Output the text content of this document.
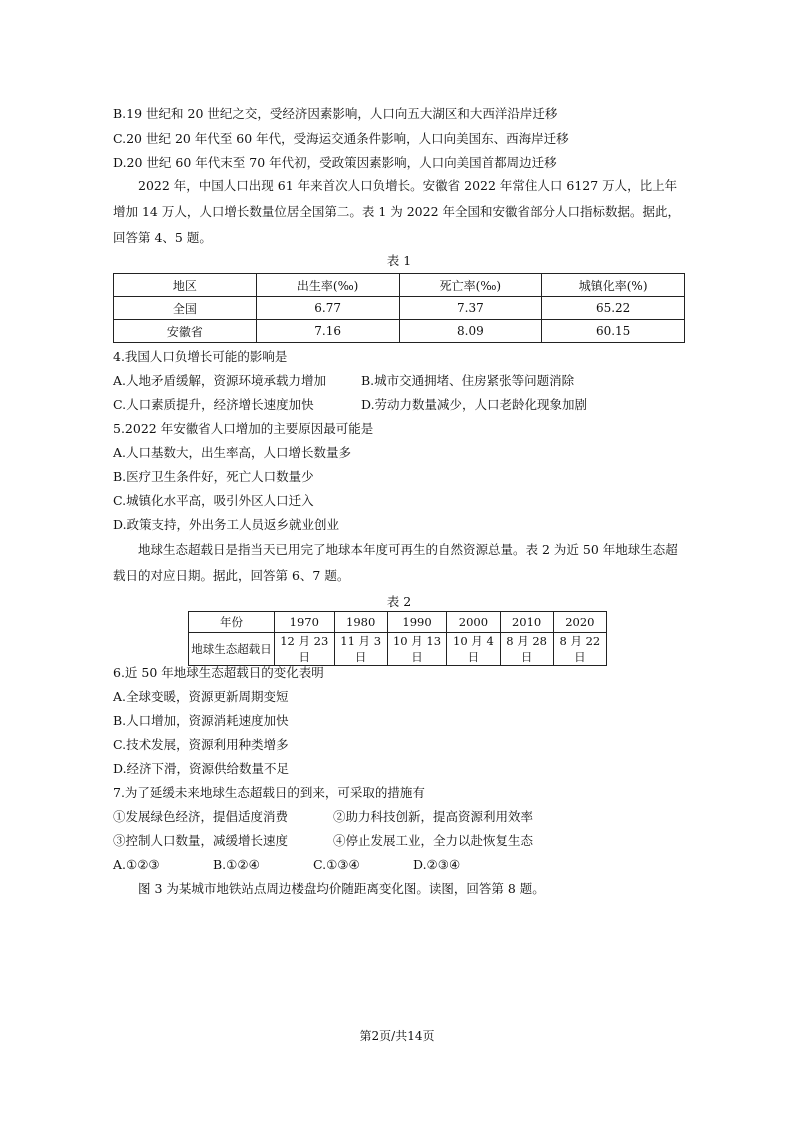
B.19 世纪和 20 世纪之交，受经济因素影响，人口向五大湖区和大西洋沿岸迁移
C.20 世纪 20 年代至 60 年代，受海运交通条件影响，人口向美国东、西海岸迁移
D.20 世纪 60 年代末至 70 年代初，受政策因素影响，人口向美国首都周边迁移
2022 年，中国人口出现 61 年来首次人口负增长。安徽省 2022 年常住人口 6127 万人，比上年增加 14 万人，人口增长数量位居全国第二。表 1 为 2022 年全国和安徽省部分人口指标数据。据此，回答第 4、5 题。
表 1
地区	出生率(‰)	死亡率(‰)	城镇化率(%)
全国	6.77	7.37	65.22
安徽省	7.16	8.09	60.15
4.我国人口负增长可能的影响是
A.人地矛盾缓解，资源环境承载力增加	B.城市交通拥堵、住房紧张等问题消除
C.人口素质提升，经济增长速度加快	D.劳动力数量减少，人口老龄化现象加剧
5.2022 年安徽省人口增加的主要原因最可能是
A.人口基数大，出生率高，人口增长数量多
B.医疗卫生条件好，死亡人口数量少
C.城镇化水平高，吸引外区人口迁入
D.政策支持，外出务工人员返乡就业创业
地球生态超载日是指当天已用完了地球本年度可再生的自然资源总量。表 2 为近 50 年地球生态超载日的对应日期。据此，回答第 6、7 题。
表 2
年份	1970	1980	1990	2000	2010	2020
地球生态超载日	12 月 23 日	11 月 3 日	10 月 13 日	10 月 4 日	8 月 28 日	8 月 22 日
6.近 50 年地球生态超载日的变化表明
A.全球变暖，资源更新周期变短
B.人口增加，资源消耗速度加快
C.技术发展，资源利用种类增多
D.经济下滑，资源供给数量不足
7.为了延缓未来地球生态超载日的到来，可采取的措施有
①发展绿色经济，提倡适度消费	②助力科技创新，提高资源利用效率
③控制人口数量，减缓增长速度	④停止发展工业，全力以赴恢复生态
A.①②③	B.①②④	C.①③④	D.②③④
图 3 为某城市地铁站点周边楼盘均价随距离变化图。读图，回答第 8 题。
第2页/共14页
